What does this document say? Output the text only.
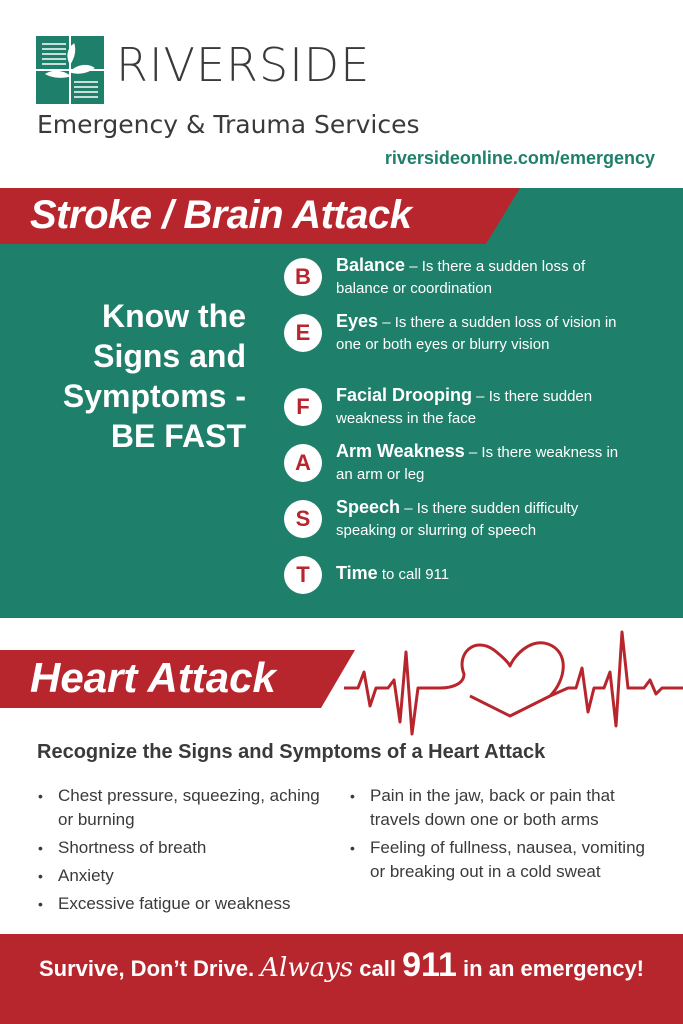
RIVERSIDE
Emergency & Trauma Services
riversideonline.com/emergency
Stroke / Brain Attack
Know the
Signs and
Symptoms -
BE FAST
B	Balance – Is there a sudden loss of balance or coordination
E	Eyes – Is there a sudden loss of vision in one or both eyes or blurry vision
F	Facial Drooping – Is there sudden weakness in the face
A	Arm Weakness – Is there weakness in an arm or leg
S	Speech – Is there sudden difficulty speaking or slurring of speech
T	Time to call 911
Heart Attack
Recognize the Signs and Symptoms of a Heart Attack
• Chest pressure, squeezing, aching or burning
• Shortness of breath
• Anxiety
• Excessive fatigue or weakness
• Pain in the jaw, back or pain that travels down one or both arms
• Feeling of fullness, nausea, vomiting or breaking out in a cold sweat
Survive, Don’t Drive. Always call 911 in an emergency!
